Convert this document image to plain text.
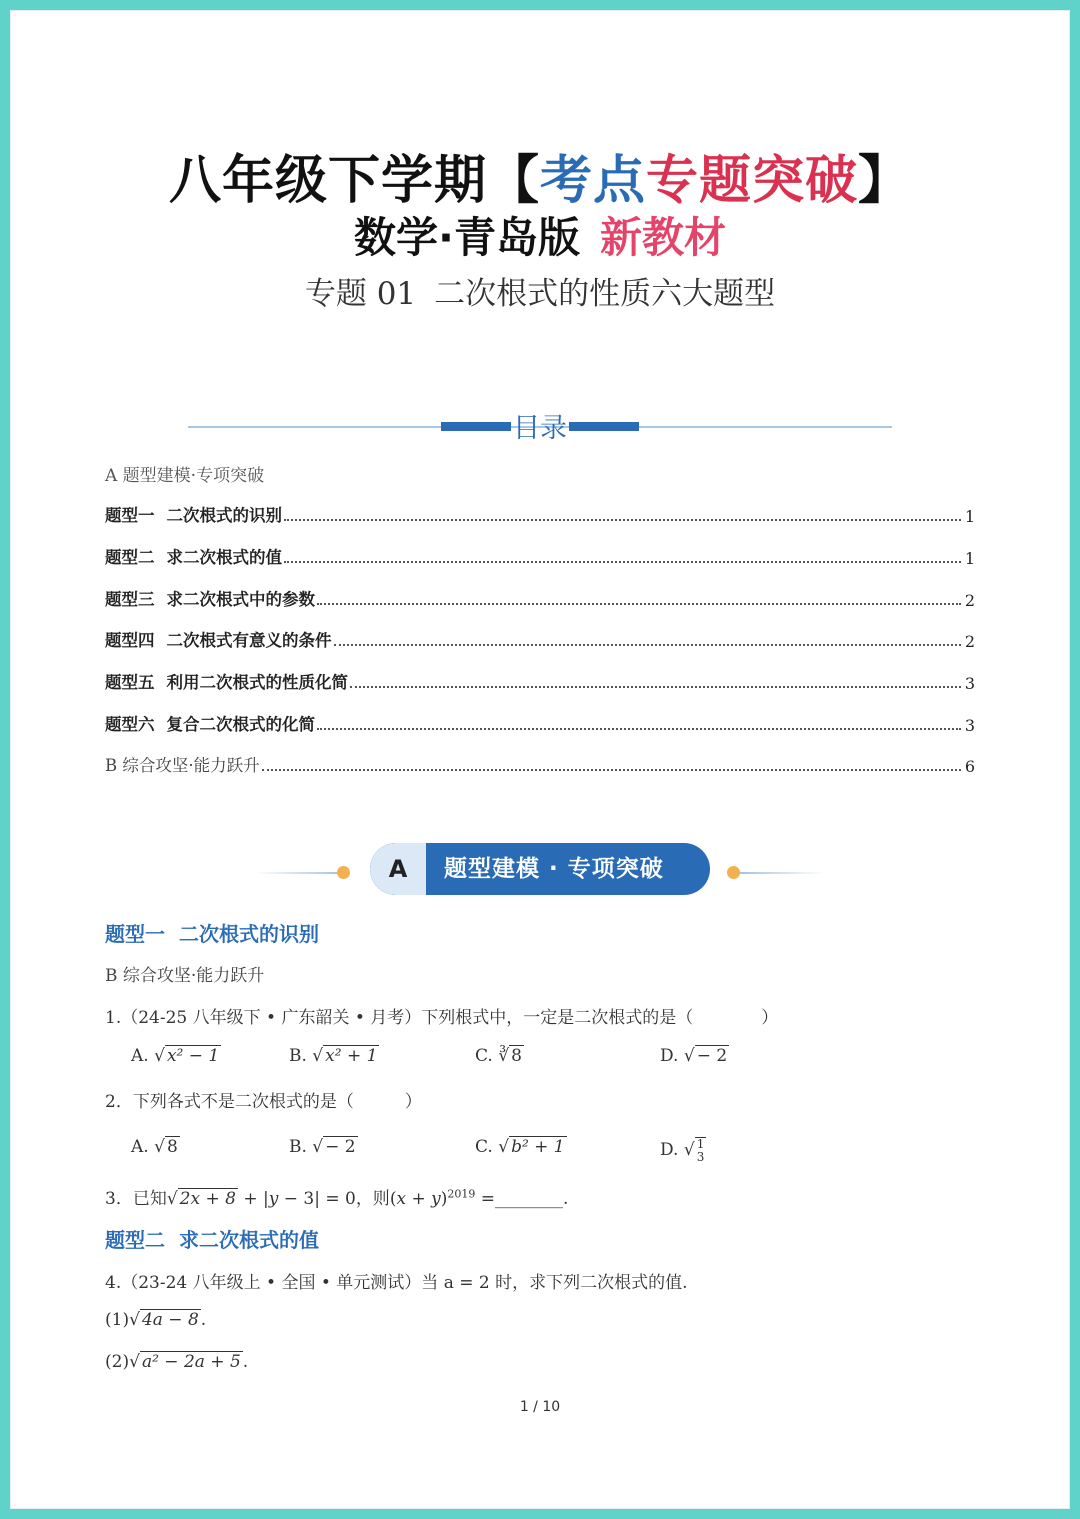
八年级下学期【考点专题突破】
数学·青岛版 新教材
专题 01 二次根式的性质六大题型
目录
A 题型建模·专项突破
题型一 二次根式的识别	1
题型二 求二次根式的值	1
题型三 求二次根式中的参数	2
题型四 二次根式有意义的条件	2
题型五 利用二次根式的性质化简	3
题型六 复合二次根式的化简	3
B 综合攻坚·能力跃升	6
A	题型建模 · 专项突破
题型一 二次根式的识别
B 综合攻坚·能力跃升
1.（24-25 八年级下 • 广东韶关 • 月考）下列根式中，一定是二次根式的是（　　　　）
A. √ x² − 1	B. √ x² + 1	C. ∛ 8	D. √ − 2
2．下列各式不是二次根式的是（　　　）
A. √ 8	B. √ − 2	C. √ b² + 1	D. √ 1
3
3．已知√ 2x + 8 + |y − 3| = 0，则$(x + y)^{2019}$ =________.
题型二 求二次根式的值
4.（23-24 八年级上 • 全国 • 单元测试）当 a = 2 时，求下列二次根式的值.
(1)√ 4a − 8 .
(2)√ a² − 2a + 5 .
1 / 10
